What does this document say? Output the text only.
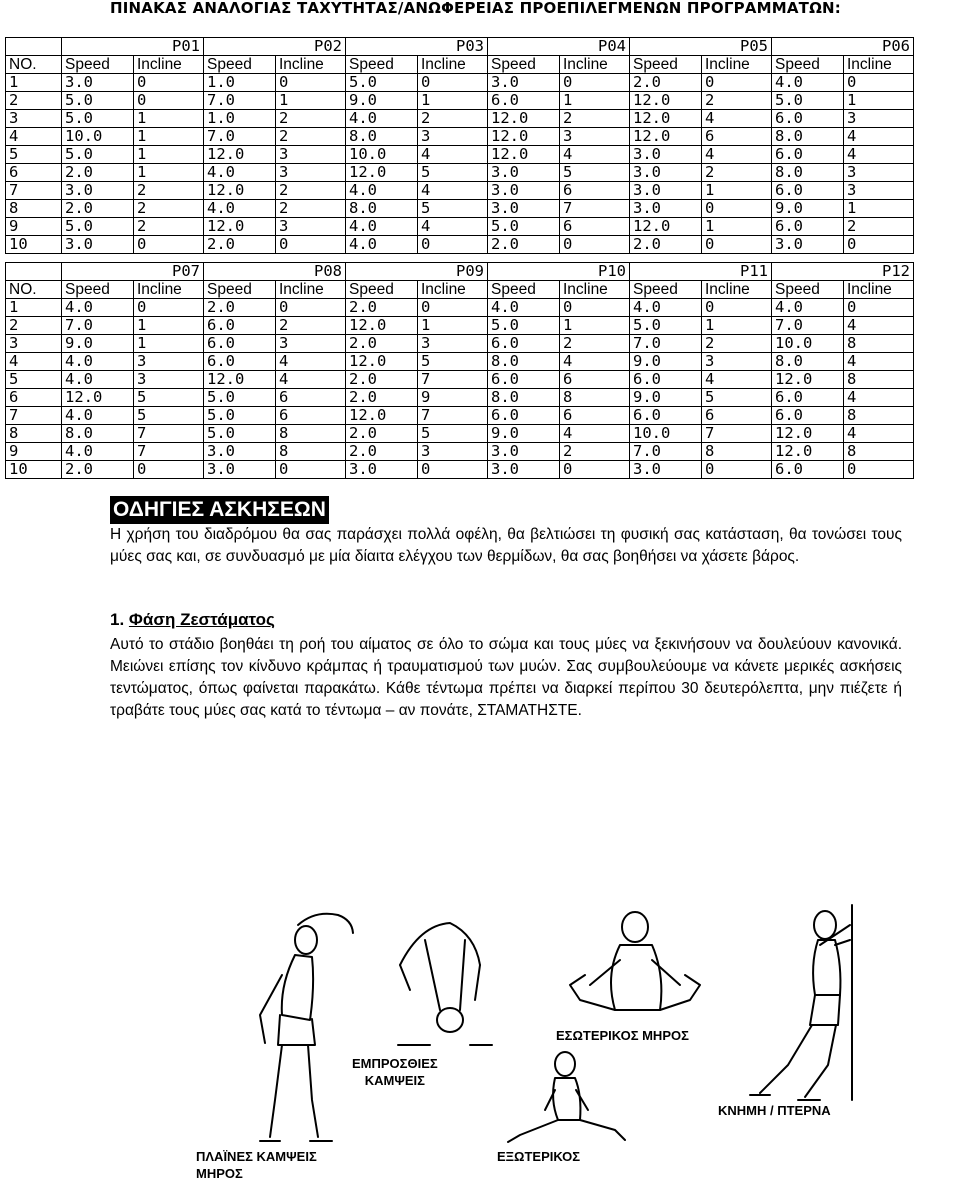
ΠΙΝΑΚΑΣ ΑΝΑΛΟΓΙΑΣ ΤΑΧΥΤΗΤΑΣ/ΑΝΩΦΕΡΕΙΑΣ ΠΡΟΕΠΙΛΕΓΜΕΝΩΝ ΠΡΟΓΡΑΜΜΑΤΩΝ:
	P01		P02		P03		P04		P05		P06	
NO.	Speed	Incline	Speed	Incline	Speed	Incline	Speed	Incline	Speed	Incline	Speed	Incline
1	3.0	0	1.0	0	5.0	0	3.0	0	2.0	0	4.0	0
2	5.0	0	7.0	1	9.0	1	6.0	1	12.0	2	5.0	1
3	5.0	1	1.0	2	4.0	2	12.0	2	12.0	4	6.0	3
4	10.0	1	7.0	2	8.0	3	12.0	3	12.0	6	8.0	4
5	5.0	1	12.0	3	10.0	4	12.0	4	3.0	4	6.0	4
6	2.0	1	4.0	3	12.0	5	3.0	5	3.0	2	8.0	3
7	3.0	2	12.0	2	4.0	4	3.0	6	3.0	1	6.0	3
8	2.0	2	4.0	2	8.0	5	3.0	7	3.0	0	9.0	1
9	5.0	2	12.0	3	4.0	4	5.0	6	12.0	1	6.0	2
10	3.0	0	2.0	0	4.0	0	2.0	0	2.0	0	3.0	0
	P07		P08		P09		P10		P11		P12	
NO.	Speed	Incline	Speed	Incline	Speed	Incline	Speed	Incline	Speed	Incline	Speed	Incline
1	4.0	0	2.0	0	2.0	0	4.0	0	4.0	0	4.0	0
2	7.0	1	6.0	2	12.0	1	5.0	1	5.0	1	7.0	4
3	9.0	1	6.0	3	2.0	3	6.0	2	7.0	2	10.0	8
4	4.0	3	6.0	4	12.0	5	8.0	4	9.0	3	8.0	4
5	4.0	3	12.0	4	2.0	7	6.0	6	6.0	4	12.0	8
6	12.0	5	5.0	6	2.0	9	8.0	8	9.0	5	6.0	4
7	4.0	5	5.0	6	12.0	7	6.0	6	6.0	6	6.0	8
8	8.0	7	5.0	8	2.0	5	9.0	4	10.0	7	12.0	4
9	4.0	7	3.0	8	2.0	3	3.0	2	7.0	8	12.0	8
10	2.0	0	3.0	0	3.0	0	3.0	0	3.0	0	6.0	0
ΟΔΗΓΙΕΣ ΑΣΚΗΣΕΩΝ
Η χρήση του διαδρόμου θα σας παράσχει πολλά οφέλη, θα βελτιώσει τη φυσική σας κατάσταση, θα τονώσει τους μύες σας και, σε συνδυασμό με μία δίαιτα ελέγχου των θερμίδων, θα σας βοηθήσει να χάσετε βάρος.
1. Φάση Ζεστάματος
Αυτό το στάδιο βοηθάει τη ροή του αίματος σε όλο το σώμα και τους μύες να ξεκινήσουν να δουλεύουν κανονικά. Μειώνει επίσης τον κίνδυνο κράμπας ή τραυματισμού των μυών. Σας συμβουλεύουμε να κάνετε μερικές ασκήσεις τεντώματος, όπως φαίνεται παρακάτω. Κάθε τέντωμα πρέπει να διαρκεί περίπου 30 δευτερόλεπτα, μην πιέζετε ή τραβάτε τους μύες σας κατά το τέντωμα – αν πονάτε, ΣΤΑΜΑΤΗΣΤΕ.
ΠΛΑΪΝΕΣ ΚΑΜΨΕΙΣ
ΜΗΡΟΣ
ΕΜΠΡΟΣΘΙΕΣ
ΚΑΜΨΕΙΣ
ΕΞΩΤΕΡΙΚΟΣ
ΕΣΩΤΕΡΙΚΟΣ ΜΗΡΟΣ
ΚΝΗΜΗ / ΠΤΕΡΝΑ
